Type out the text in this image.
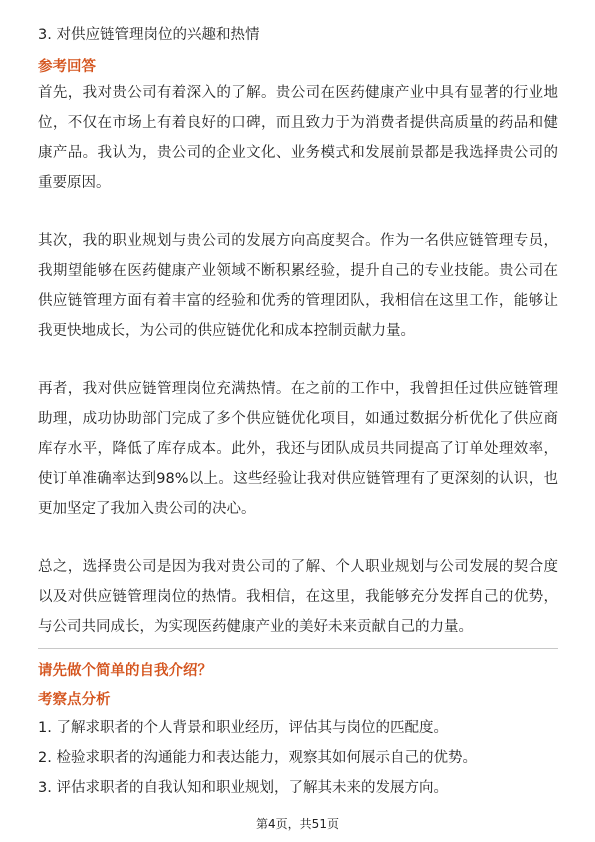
3. 对供应链管理岗位的兴趣和热情

参考回答

首先，我对贵公司有着深入的了解。贵公司在医药健康产业中具有显著的行业地位，不仅在市场上有着良好的口碑，而且致力于为消费者提供高质量的药品和健康产品。我认为，贵公司的企业文化、业务模式和发展前景都是我选择贵公司的重要原因。

其次，我的职业规划与贵公司的发展方向高度契合。作为一名供应链管理专员，我期望能够在医药健康产业领域不断积累经验，提升自己的专业技能。贵公司在供应链管理方面有着丰富的经验和优秀的管理团队，我相信在这里工作，能够让我更快地成长，为公司的供应链优化和成本控制贡献力量。

再者，我对供应链管理岗位充满热情。在之前的工作中，我曾担任过供应链管理助理，成功协助部门完成了多个供应链优化项目，如通过数据分析优化了供应商库存水平，降低了库存成本。此外，我还与团队成员共同提高了订单处理效率，使订单准确率达到98%以上。这些经验让我对供应链管理有了更深刻的认识，也更加坚定了我加入贵公司的决心。

总之，选择贵公司是因为我对贵公司的了解、个人职业规划与公司发展的契合度以及对供应链管理岗位的热情。我相信，在这里，我能够充分发挥自己的优势，与公司共同成长，为实现医药健康产业的美好未来贡献自己的力量。

请先做个简单的自我介绍？

考察点分析

1. 了解求职者的个人背景和职业经历，评估其与岗位的匹配度。

2. 检验求职者的沟通能力和表达能力，观察其如何展示自己的优势。

3. 评估求职者的自我认知和职业规划，了解其未来的发展方向。

第4页，共51页
